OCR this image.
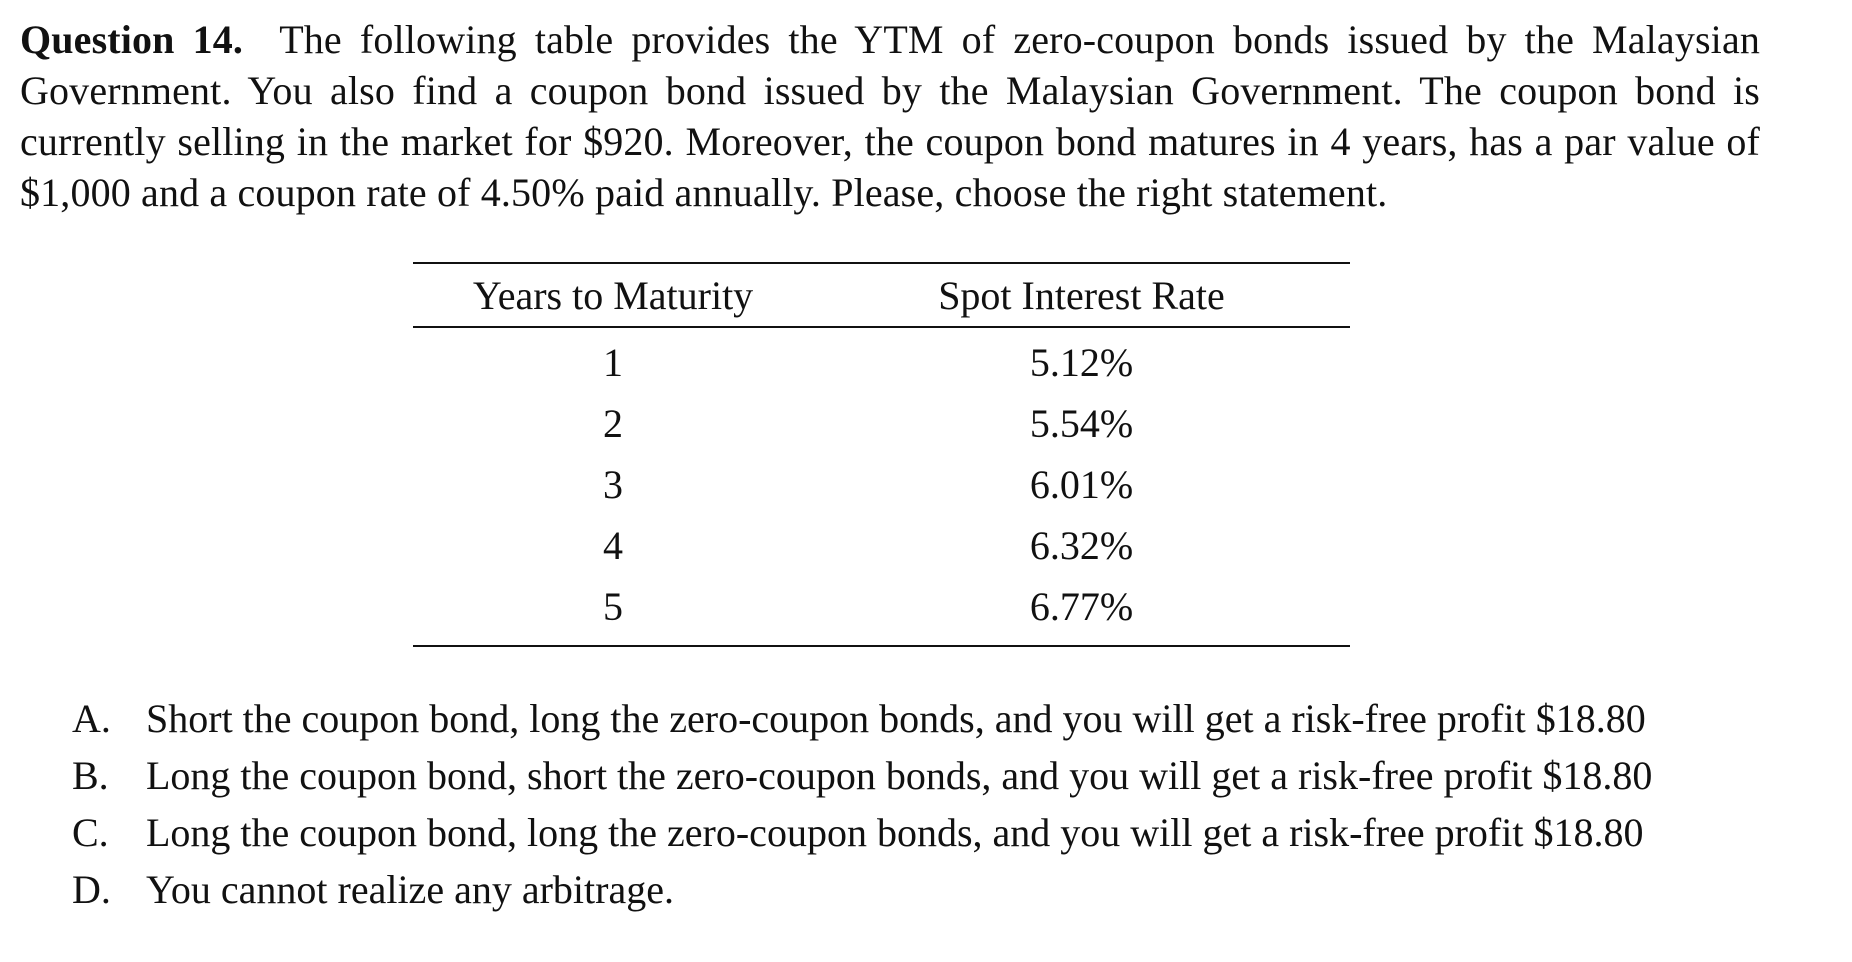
Question 14. The following table provides the YTM of zero-coupon bonds issued by the Malaysian Government. You also find a coupon bond issued by the Malaysian Government. The coupon bond is currently selling in the market for $920. Moreover, the coupon bond matures in 4 years, has a par value of $1,000 and a coupon rate of 4.50% paid annually. Please, choose the right statement.
Years to Maturity	Spot Interest Rate
1	5.12%
2	5.54%
3	6.01%
4	6.32%
5	6.77%
A. Short the coupon bond, long the zero-coupon bonds, and you will get a risk-free profit $18.80
B. Long the coupon bond, short the zero-coupon bonds, and you will get a risk-free profit $18.80
C. Long the coupon bond, long the zero-coupon bonds, and you will get a risk-free profit $18.80
D. You cannot realize any arbitrage.
